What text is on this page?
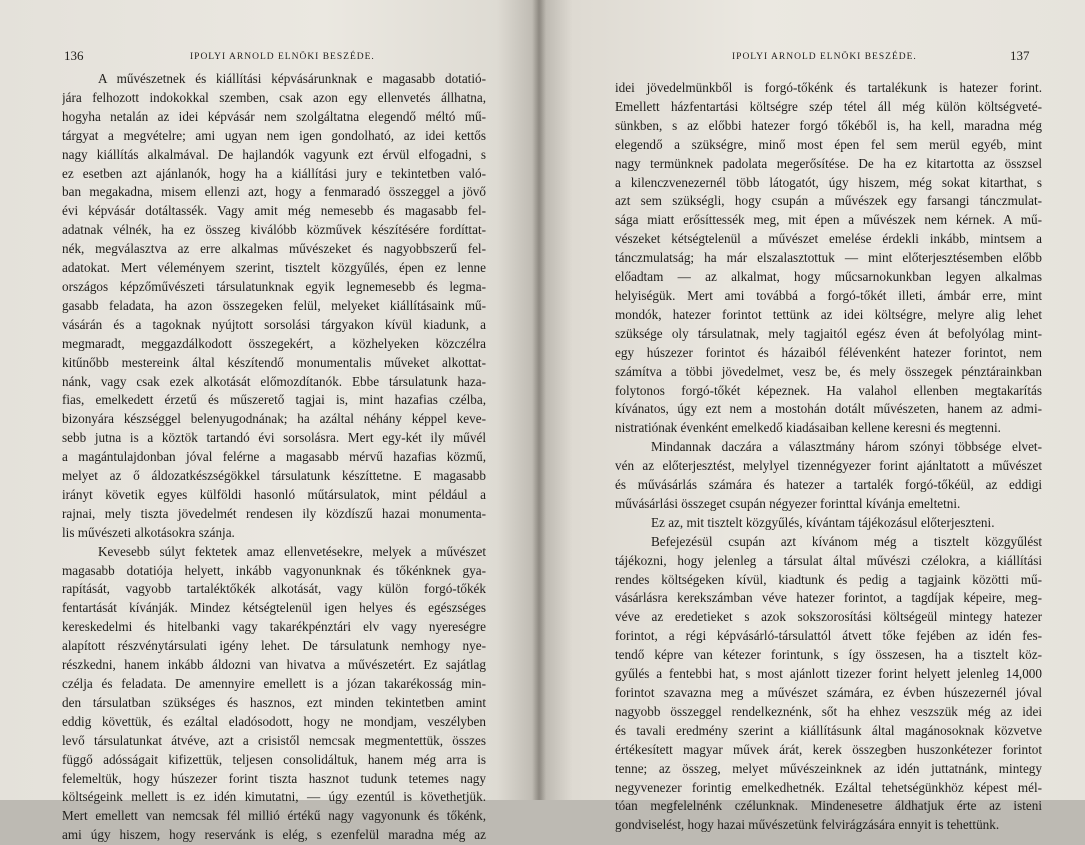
136	IPOLYI ARNOLD ELNÖKI BESZÉDE.
A művészetnek és kiállítási képvásárunknak e magasabb dotatió-
jára felhozott indokokkal szemben, csak azon egy ellenvetés állhatna,
hogyha netalán az idei képvásár nem szolgáltatna elegendő méltó mű-
tárgyat a megvételre; ami ugyan nem igen gondolható, az idei kettős
nagy kiállítás alkalmával. De hajlandók vagyunk ezt érvül elfogadni, s
ez esetben azt ajánlanók, hogy ha a kiállítási jury e tekintetben való-
ban megakadna, misem ellenzi azt, hogy a fenmaradó összeggel a jövő
évi képvásár dotáltassék. Vagy amit még nemesebb és magasabb fel-
adatnak vélnék, ha ez összeg kiválóbb közművek készítésére fordíttat-
nék, megválasztva az erre alkalmas művészeket és nagyobbszerű fel-
adatokat. Mert véleményem szerint, tisztelt közgyűlés, épen ez lenne
országos képzőművészeti társulatunknak egyik legnemesebb és legma-
gasabb feladata, ha azon összegeken felül, melyeket kiállításaink mű-
vásárán és a tagoknak nyújtott sorsolási tárgyakon kívül kiadunk, a
megmaradt, meggazdálkodott összegekért, a közhelyeken közczélra
kitűnőbb mestereink által készítendő monumentalis műveket alkottat-
nánk, vagy csak ezek alkotását előmozdítanók. Ebbe társulatunk haza-
fias, emelkedett érzetű és műszerető tagjai is, mint hazafias czélba,
bizonyára készséggel belenyugodnának; ha azáltal néhány képpel keve-
sebb jutna is a köztök tartandó évi sorsolásra. Mert egy-két ily művél
a magántulajdonban jóval felérne a magasabb mérvű hazafias közmű,
melyet az ő áldozatkészségökkel társulatunk készíttetne. E magasabb
irányt követik egyes külföldi hasonló műtársulatok, mint például a
rajnai, mely tiszta jövedelmét rendesen ily közdíszű hazai monumenta-
lis művészeti alkotásokra szánja.
Kevesebb súlyt fektetek amaz ellenvetésekre, melyek a művészet
magasabb dotatiója helyett, inkább vagyonunknak és tőkénknek gya-
rapítását, vagyobb tartaléktőkék alkotását, vagy külön forgó-tőkék
fentartását kívánják. Mindez kétségtelenül igen helyes és egészséges
kereskedelmi és hitelbanki vagy takarékpénztári elv vagy nyereségre
alapított részvénytársulati igény lehet. De társulatunk nemhogy nye-
részkedni, hanem inkább áldozni van hivatva a művészetért. Ez sajátlag
czélja és feladata. De amennyire emellett is a józan takarékosság min-
den társulatban szükséges és hasznos, ezt minden tekintetben amint
eddig követtük, és ezáltal eladósodott, hogy ne mondjam, veszélyben
levő társulatunkat átvéve, azt a crisistől nemcsak megmentettük, összes
függő adósságait kifizettük, teljesen consolidáltuk, hanem még arra is
felemeltük, hogy húszezer forint tiszta hasznot tudunk tetemes nagy
költségeink mellett is ez idén kimutatni, — úgy ezentúl is követhetjük.
Mert emellett van nemcsak fél millió értékű nagy vagyonunk és tőkénk,
ami úgy hiszem, hogy reservánk is elég, s ezenfelül maradna még az
IPOLYI ARNOLD ELNÖKI BESZÉDE.	137
idei jövedelmünkből is forgó-tőkénk és tartalékunk is hatezer forint.
Emellett házfentartási költségre szép tétel áll még külön költségveté-
sünkben, s az előbbi hatezer forgó tőkéből is, ha kell, maradna még
elegendő a szükségre, minő most épen fel sem merül egyéb, mint
nagy termünknek padolata megerősítése. De ha ez kitartotta az összsel
a kilenczvenezernél több látogatót, úgy hiszem, még sokat kitarthat, s
azt sem szükségli, hogy csupán a művészek egy farsangi tánczmulat-
sága miatt erősíttessék meg, mit épen a művészek nem kérnek. A mű-
vészeket kétségtelenül a művészet emelése érdekli inkább, mintsem a
tánczmulatság; ha már elszalasztottuk — mint előterjesztésemben előbb
előadtam — az alkalmat, hogy műcsarnokunkban legyen alkalmas
helyiségük. Mert ami továbbá a forgó-tőkét illeti, ámbár erre, mint
mondók, hatezer forintot tettünk az idei költségre, melyre alig lehet
szüksége oly társulatnak, mely tagjaitól egész éven át befolyólag mint-
egy húszezer forintot és házaiból félévenként hatezer forintot, nem
számítva a többi jövedelmet, vesz be, és mely összegek pénztárainkban
folytonos forgó-tőkét képeznek. Ha valahol ellenben megtakarítás
kívánatos, úgy ezt nem a mostohán dotált művészeten, hanem az admi-
nistratiónak évenként emelkedő kiadásaiban kellene keresni és megtenni.
Mindannak daczára a választmány három szónyi többsége elvet-
vén az előterjesztést, melylyel tizennégyezer forint ajánltatott a művészet
és művásárlás számára és hatezer a tartalék forgó-tőkéül, az eddigi
művásárlási összeget csupán négyezer forinttal kívánja emeltetni.
Ez az, mit tisztelt közgyűlés, kívántam tájékozásul előterjeszteni.
Befejezésül csupán azt kívánom még a tisztelt közgyűlést
tájékozni, hogy jelenleg a társulat által művészi czélokra, a kiállítási
rendes költségeken kívül, kiadtunk és pedig a tagjaink közötti mű-
vásárlásra kerekszámban véve hatezer forintot, a tagdíjak képeire, meg-
véve az eredetieket s azok sokszorosítási költségeül mintegy hatezer
forintot, a régi képvásárló-társulattól átvett tőke fejében az idén fes-
tendő képre van kétezer forintunk, s így összesen, ha a tisztelt köz-
gyűlés a fentebbi hat, s most ajánlott tizezer forint helyett jelenleg 14,000
forintot szavazna meg a művészet számára, ez évben húszezernél jóval
nagyobb összeggel rendelkeznénk, sőt ha ehhez veszszük még az idei
és tavali eredmény szerint a kiállításunk által magánosoknak közvetve
értékesített magyar művek árát, kerek összegben huszonkétezer forintot
tenne; az összeg, melyet művészeinknek az idén juttatnánk, mintegy
negyvenezer forintig emelkedhetnék. Ezáltal tehetségünkhöz képest mél-
tóan megfelelnénk czélunknak. Mindenesetre áldhatjuk érte az isteni
gondviselést, hogy hazai művészetünk felvirágzására ennyit is tehettünk.
